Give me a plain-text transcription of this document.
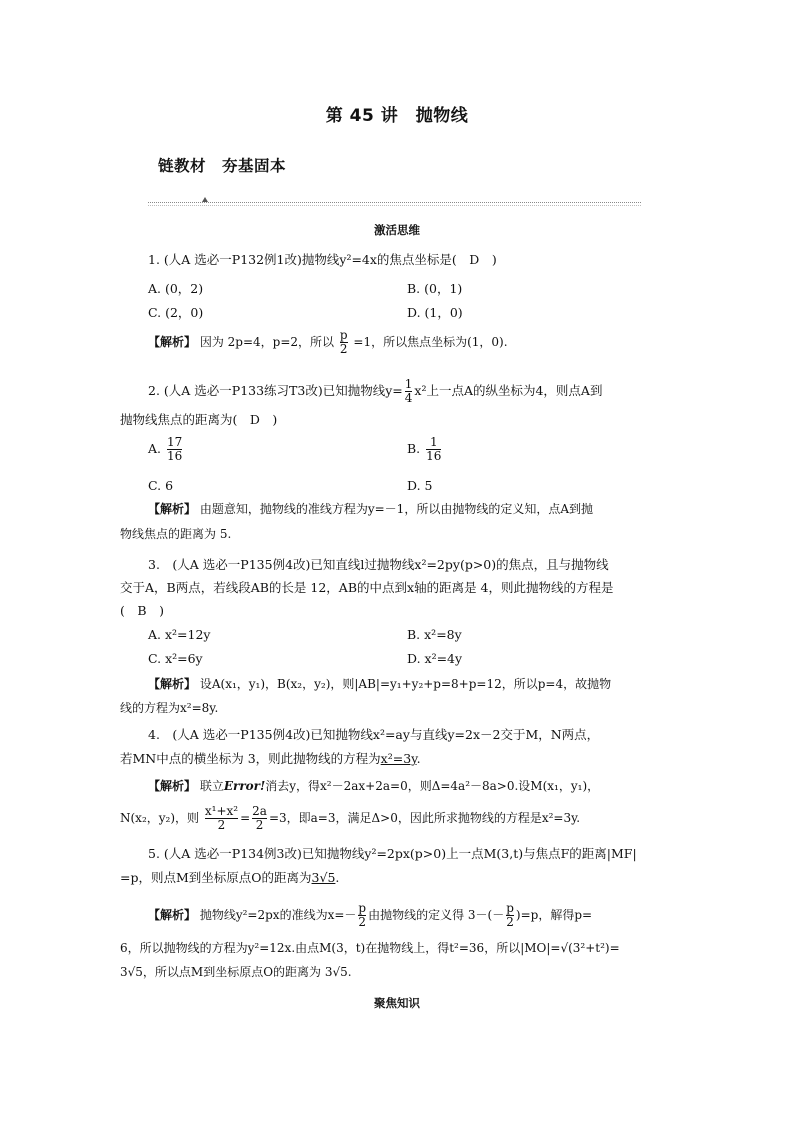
第 45 讲　抛物线
链教材　夯基固本
激活思维
1. (人A 选必一P132例1改)抛物线y²=4x的焦点坐标是(　D　)
A. (0，2)	B. (0，1)
C. (2，0)	D. (1，0)
【解析】 因为 2p=4，p=2，所以 $\frac{p}{2} =1$，所以焦点坐标为(1，0).
2. (人A 选必一P133练习T3改)已知抛物线$y= \frac{1}{4} x^2$上一点A的纵坐标为4，则点A到
抛物线焦点的距离为(　D　)
A. $\frac{17}{16}$	B. $\frac{1}{16}$
C. 6	D. 5
【解析】 由题意知，抛物线的准线方程为y=－1，所以由抛物线的定义知，点A到抛
物线焦点的距离为 5.
3.　(人A 选必一P135例4改)已知直线l过抛物线x²=2py(p>0)的焦点，且与抛物线
交于A，B两点，若线段AB的长是 12，AB的中点到x轴的距离是 4，则此抛物线的方程是
(　B　)
A. x²=12y	B. x²=8y
C. x²=6y	D. x²=4y
【解析】 设A(x₁，y₁)，B(x₂，y₂)，则|AB|=y₁+y₂+p=8+p=12，所以p=4，故抛物
线的方程为x²=8y.
4.　(人A 选必一P135例4改)已知抛物线x²=ay与直线y=2x－2交于M，N两点，
若MN中点的横坐标为 3，则此抛物线的方程为x²=3y.
【解析】 联立Error!消去y，得x²－2ax+2a=0，则Δ=4a²－8a>0.设M(x₁，y₁)，
N(x₂，y₂)，则 $\frac{\text{x¹+x²}}{2} = \frac{2a}{2} =3$，即a=3，满足Δ>0，因此所求抛物线的方程是x²=3y.
5. (人A 选必一P134例3改)已知抛物线y²=2px(p>0)上一点M(3,t)与焦点F的距离|MF|
=p，则点M到坐标原点O的距离为3√5.
【解析】 抛物线y²=2px的准线为$x=- \frac{p}{2}$ 由抛物线的定义得 $3-(- \frac{p}{2} )=p$，解得p=
6，所以抛物线的方程为y²=12x.由点M(3，t)在抛物线上，得t²=36，所以|MO|=√(3²+t²)=
3√5，所以点M到坐标原点O的距离为 3√5.
聚焦知识
